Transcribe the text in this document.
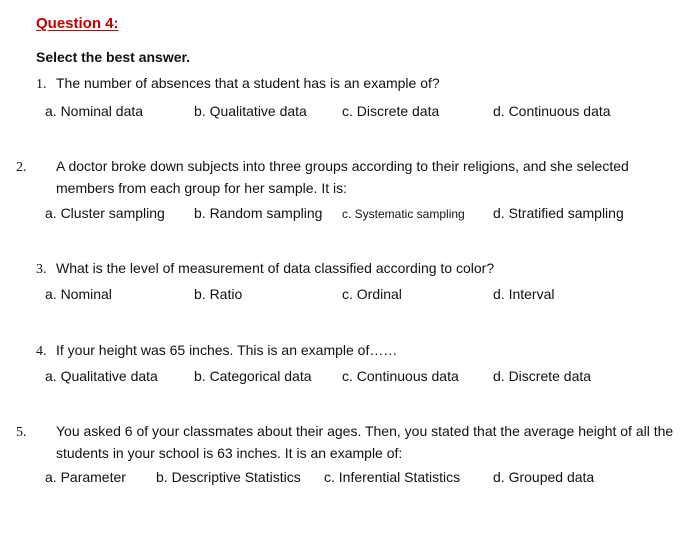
Question 4:
Select the best answer.
1. The number of absences that a student has is an example of?
a. Nominal data	b. Qualitative data	c. Discrete data	d. Continuous data
2. A doctor broke down subjects into three groups according to their religions, and she selected members from each group for her sample. It is:
a. Cluster sampling b. Random sampling c. Systematic sampling d. Stratified sampling
3. What is the level of measurement of data classified according to color?
a. Nominal	b. Ratio	c. Ordinal	d. Interval
4. If your height was 65 inches. This is an example of……
a. Qualitative data	b. Categorical data c. Continuous data d. Discrete data
5. You asked 6 of your classmates about their ages. Then, you stated that the average height of all the students in your school is 63 inches. It is an example of:
a. Parameter b. Descriptive Statistics c. Inferential Statistics d. Grouped data
